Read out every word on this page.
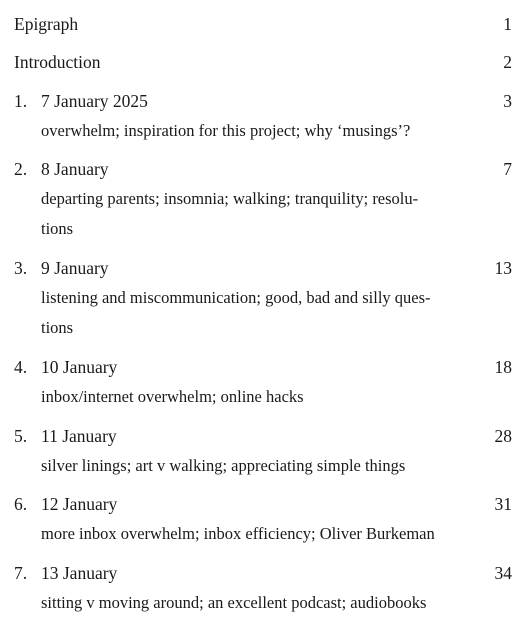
Epigraph	1
Introduction	2
1. 7 January 2025	3
overwhelm; inspiration for this project; why ‘musings’?
2. 8 January	7
departing parents; insomnia; walking; tranquility; resolu-
tions
3. 9 January	13
listening and miscommunication; good, bad and silly ques-
tions
4. 10 January	18
inbox/internet overwhelm; online hacks
5. 11 January	28
silver linings; art v walking; appreciating simple things
6. 12 January	31
more inbox overwhelm; inbox efficiency; Oliver Burkeman
7. 13 January	34
sitting v moving around; an excellent podcast; audiobooks
